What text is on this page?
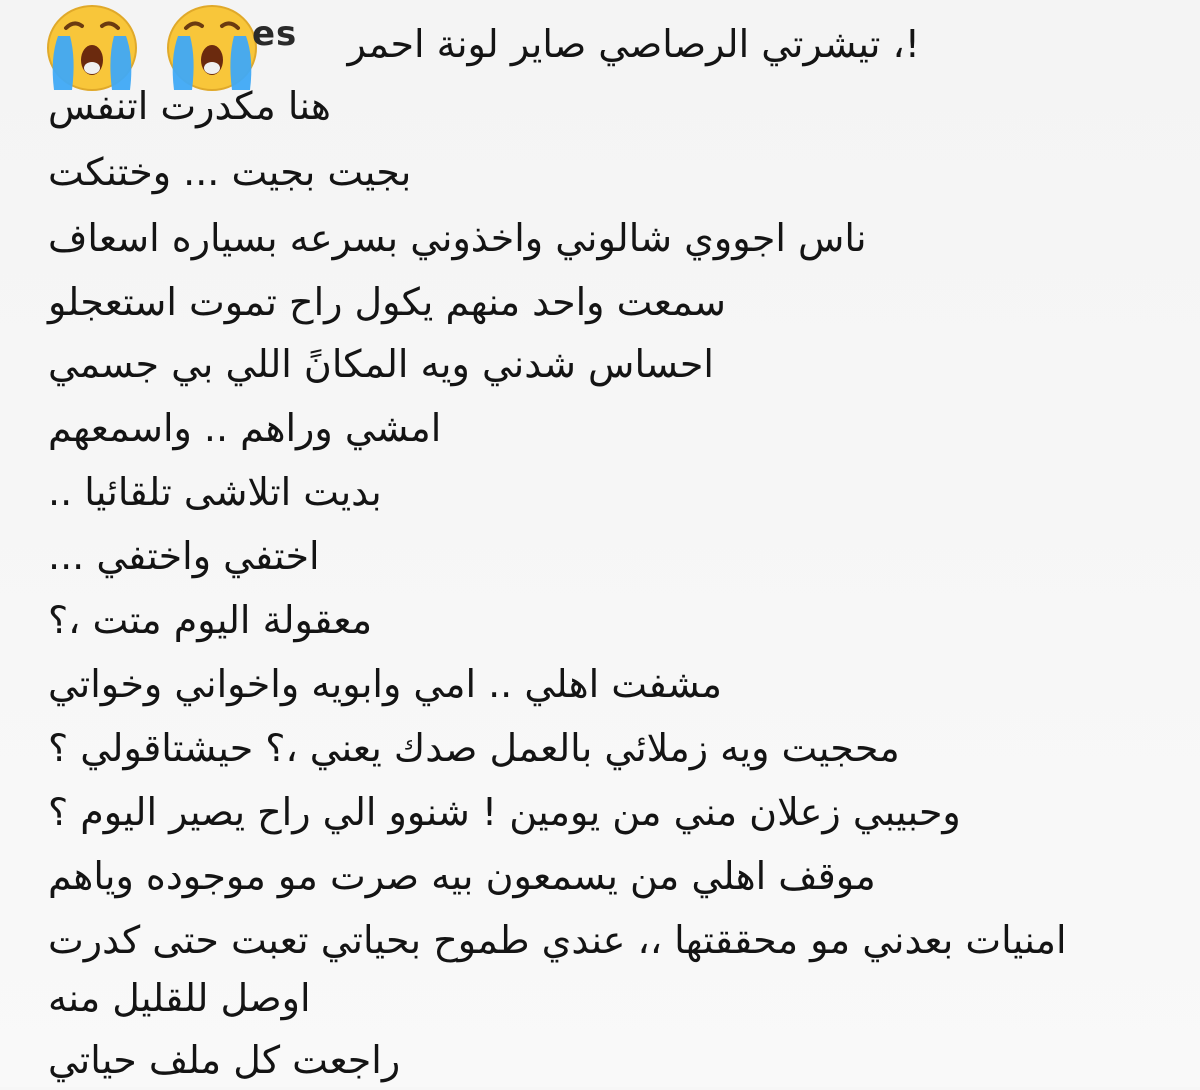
es	!، تيشرتي الرصاصي صاير لونة احمر
هنا مكدرت اتنفس
بجيت بجيت ... وختنكت
ناس اجووي شالوني واخذوني بسرعه بسياره اسعاف
سمعت واحد منهم يكول راح تموت استعجلو
احساس شدني ويه المكانً اللي بي جسمي
امشي وراهم .. واسمعهم
بديت اتلاشى تلقائيا ..
اختفي واختفي ...
معقولة اليوم متت ،؟
مشفت اهلي .. امي وابويه واخواني وخواتي
محجيت ويه زملائي بالعمل صدك يعني ،؟ حيشتاقولي ؟
وحبيبي زعلان مني من يومين ! شنوو الي راح يصير اليوم ؟
موقف اهلي من يسمعون بيه صرت مو موجوده وياهم
امنيات بعدني مو محققتها ،، عندي طموح بحياتي تعبت حتى كدرت
اوصل للقليل منه
راجعت كل ملف حياتي
